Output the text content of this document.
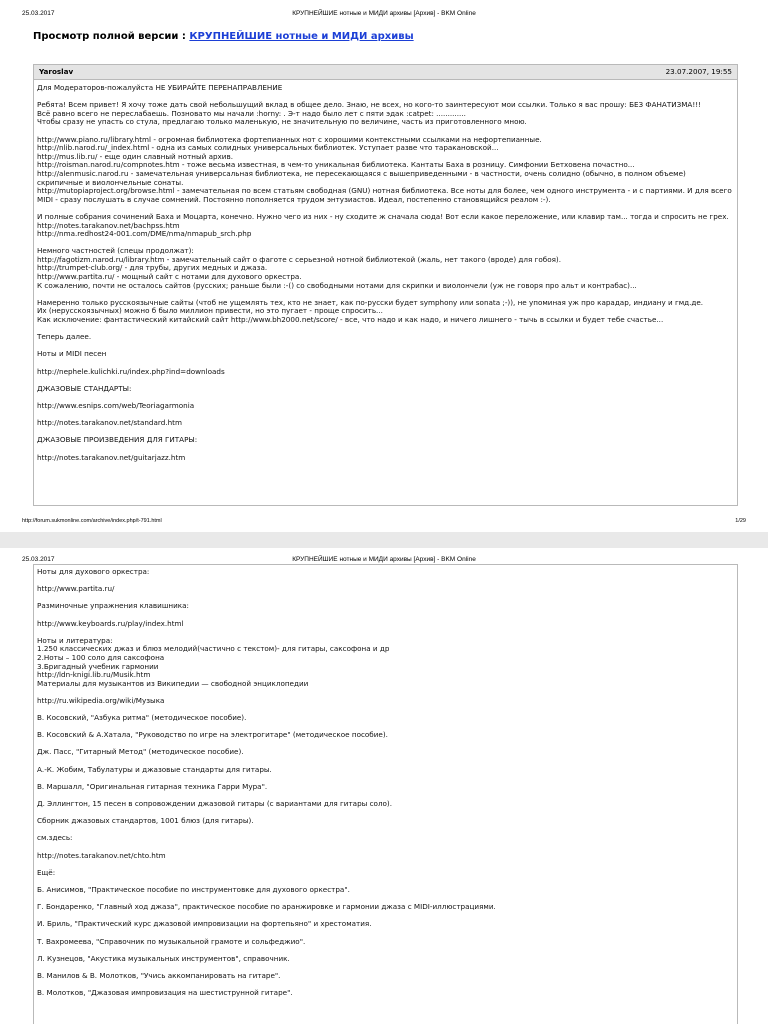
25.03.2017	КРУПНЕЙШИЕ нотные и МИДИ архивы [Архив] - BKM Online
Просмотр полной версии : КРУПНЕЙШИЕ нотные и МИДИ архивы
Yaroslav	23.07.2007, 19:55
Для Модераторов-пожалуйста НЕ УБИРАЙТЕ ПЕРЕНАПРАВЛЕНИЕ

Ребята! Всем привет! Я хочу тоже дать свой небольшущий вклад в общее дело. Знаю, не всех, но кого-то заинтересуют мои ссылки. Только я вас прошу: БЕЗ ФАНАТИЗМА!!!
Всё равно всего не переслабаешь. Позновато мы начали :horny: . Э-т надо было лет с пяти эдак :catpet: .............
Чтобы сразу не упасть со стула, предлагаю только маленькую, не значительную по величине, часть из приготовленного мною.

http://www.piano.ru/library.html - огромная библиотека фортепианных нот с хорошими контекстными ссылками на нефортепианные.
http://nlib.narod.ru/_index.html - одна из самых солидных универсальных библиотек. Уступает разве что таракановской...
http://mus.lib.ru/ - еще один славный нотный архив.
http://roisman.narod.ru/compnotes.htm - тоже весьма известная, в чем-то уникальная библиотека. Кантаты Баха в розницу. Симфонии Бетховена почастно...
http://alenmusic.narod.ru - замечательная универсальная библиотека, не пересекающаяся с вышеприведенными - в частности, очень солидно (обычно, в полном объеме) скрипичные и виолончельные сонаты.
http://mutopiaproject.org/browse.html - замечательная по всем статьям свободная (GNU) нотная библиотека. Все ноты для более, чем одного инструмента - и с партиями. И для всего MIDI - сразу послушать в случае сомнений. Постоянно пополняется трудом энтузиастов. Идеал, постепенно становящийся реалом :-).

И полные собрания сочинений Баха и Моцарта, конечно. Нужно чего из них - ну сходите ж сначала сюда! Вот если какое переложение, или клавир там... тогда и спросить не грех.
http://notes.tarakanov.net/bachpss.htm
http://nma.redhost24-001.com/DME/nma/nmapub_srch.php

Немного частностей (спецы продолжат):
http://fagotizm.narod.ru/library.htm - замечательный сайт о фаготе с серьезной нотной библиотекой (жаль, нет такого (вроде) для гобоя).
http://trumpet-club.org/ - для трубы, других медных и джаза.
http://www.partita.ru/ - мощный сайт с нотами для духового оркестра.
К сожалению, почти не осталось сайтов (русских; раньше были :-() со свободными нотами для скрипки и виолончели (уж не говоря про альт и контрабас)...

Намеренно только русскоязычные сайты (чтоб не ущемлять тех, кто не знает, как по-русски будет symphony или sonata ;-)), не упоминая уж про карадар, индиану и гмд.де.
Их (нерусскоязычных) можно б было миллион привести, но это пугает - проще спросить...
Как исключение: фантастический китайский сайт http://www.bh2000.net/score/ - все, что надо и как надо, и ничего лишнего - тычь в ссылки и будет тебе счастье...

Теперь далее.

Ноты и MIDI песен

http://nephele.kulichki.ru/index.php?ind=downloads

ДЖАЗОВЫЕ СТАНДАРТЫ:

http://www.esnips.com/web/Teoriagarmonia

http://notes.tarakanov.net/standard.htm

ДЖАЗОВЫЕ ПРОИЗВЕДЕНИЯ ДЛЯ ГИТАРЫ:

http://notes.tarakanov.net/guitarjazz.htm
http://forum.sukmonline.com/archive/index.php/t-791.html	1/29
25.03.2017	КРУПНЕЙШИЕ нотные и МИДИ архивы [Архив] - BKM Online
Ноты для духового оркестра:

http://www.partita.ru/

Разминочные упражнения клавишника:

http://www.keyboards.ru/play/index.html

Ноты и литература:
1.250 классических джаз и блюз мелодий(частично с текстом)- для гитары, саксофона и др
2.Ноты – 100 соло для саксофона
3.Бригадный учебник гармонии
http://ldn-knigi.lib.ru/Musik.htm
Материалы для музыкантов из Википедии — свободной энциклопедии

http://ru.wikipedia.org/wiki/Музыка

В. Косовский, "Азбука ритма" (методическое пособие).

В. Косовский & А.Хатала, "Руководство по игре на электрогитаре" (методическое пособие).

Дж. Пасс, "Гитарный Метод" (методическое пособие).

А.-К. Жобим, Табулатуры и джазовые стандарты для гитары.

В. Маршалл, "Оригинальная гитарная техника Гарри Мура".

Д. Эллингтон, 15 песен в сопровождении джазовой гитары (с вариантами для гитары соло).

Сборник джазовых стандартов, 1001 блюз (для гитары).

см.здесь:

http://notes.tarakanov.net/chto.htm

Ещё:

Б. Анисимов, "Практическое пособие по инструментовке для духового оркестра".

Г. Бондаренко, "Главный ход джаза", практическое пособие по аранжировке и гармонии джаза с MIDI-иллюстрациями.

И. Бриль, "Практический курс джазовой импровизации на фортепьяно" и хрестоматия.

Т. Вахромеева, "Справочник по музыкальной грамоте и сольфеджио".

Л. Кузнецов, "Акустика музыкальных инструментов", справочник.

В. Манилов & В. Молотков, "Учись аккомпанировать на гитаре".

В. Молотков, "Джазовая импровизация на шестиструнной гитаре".
